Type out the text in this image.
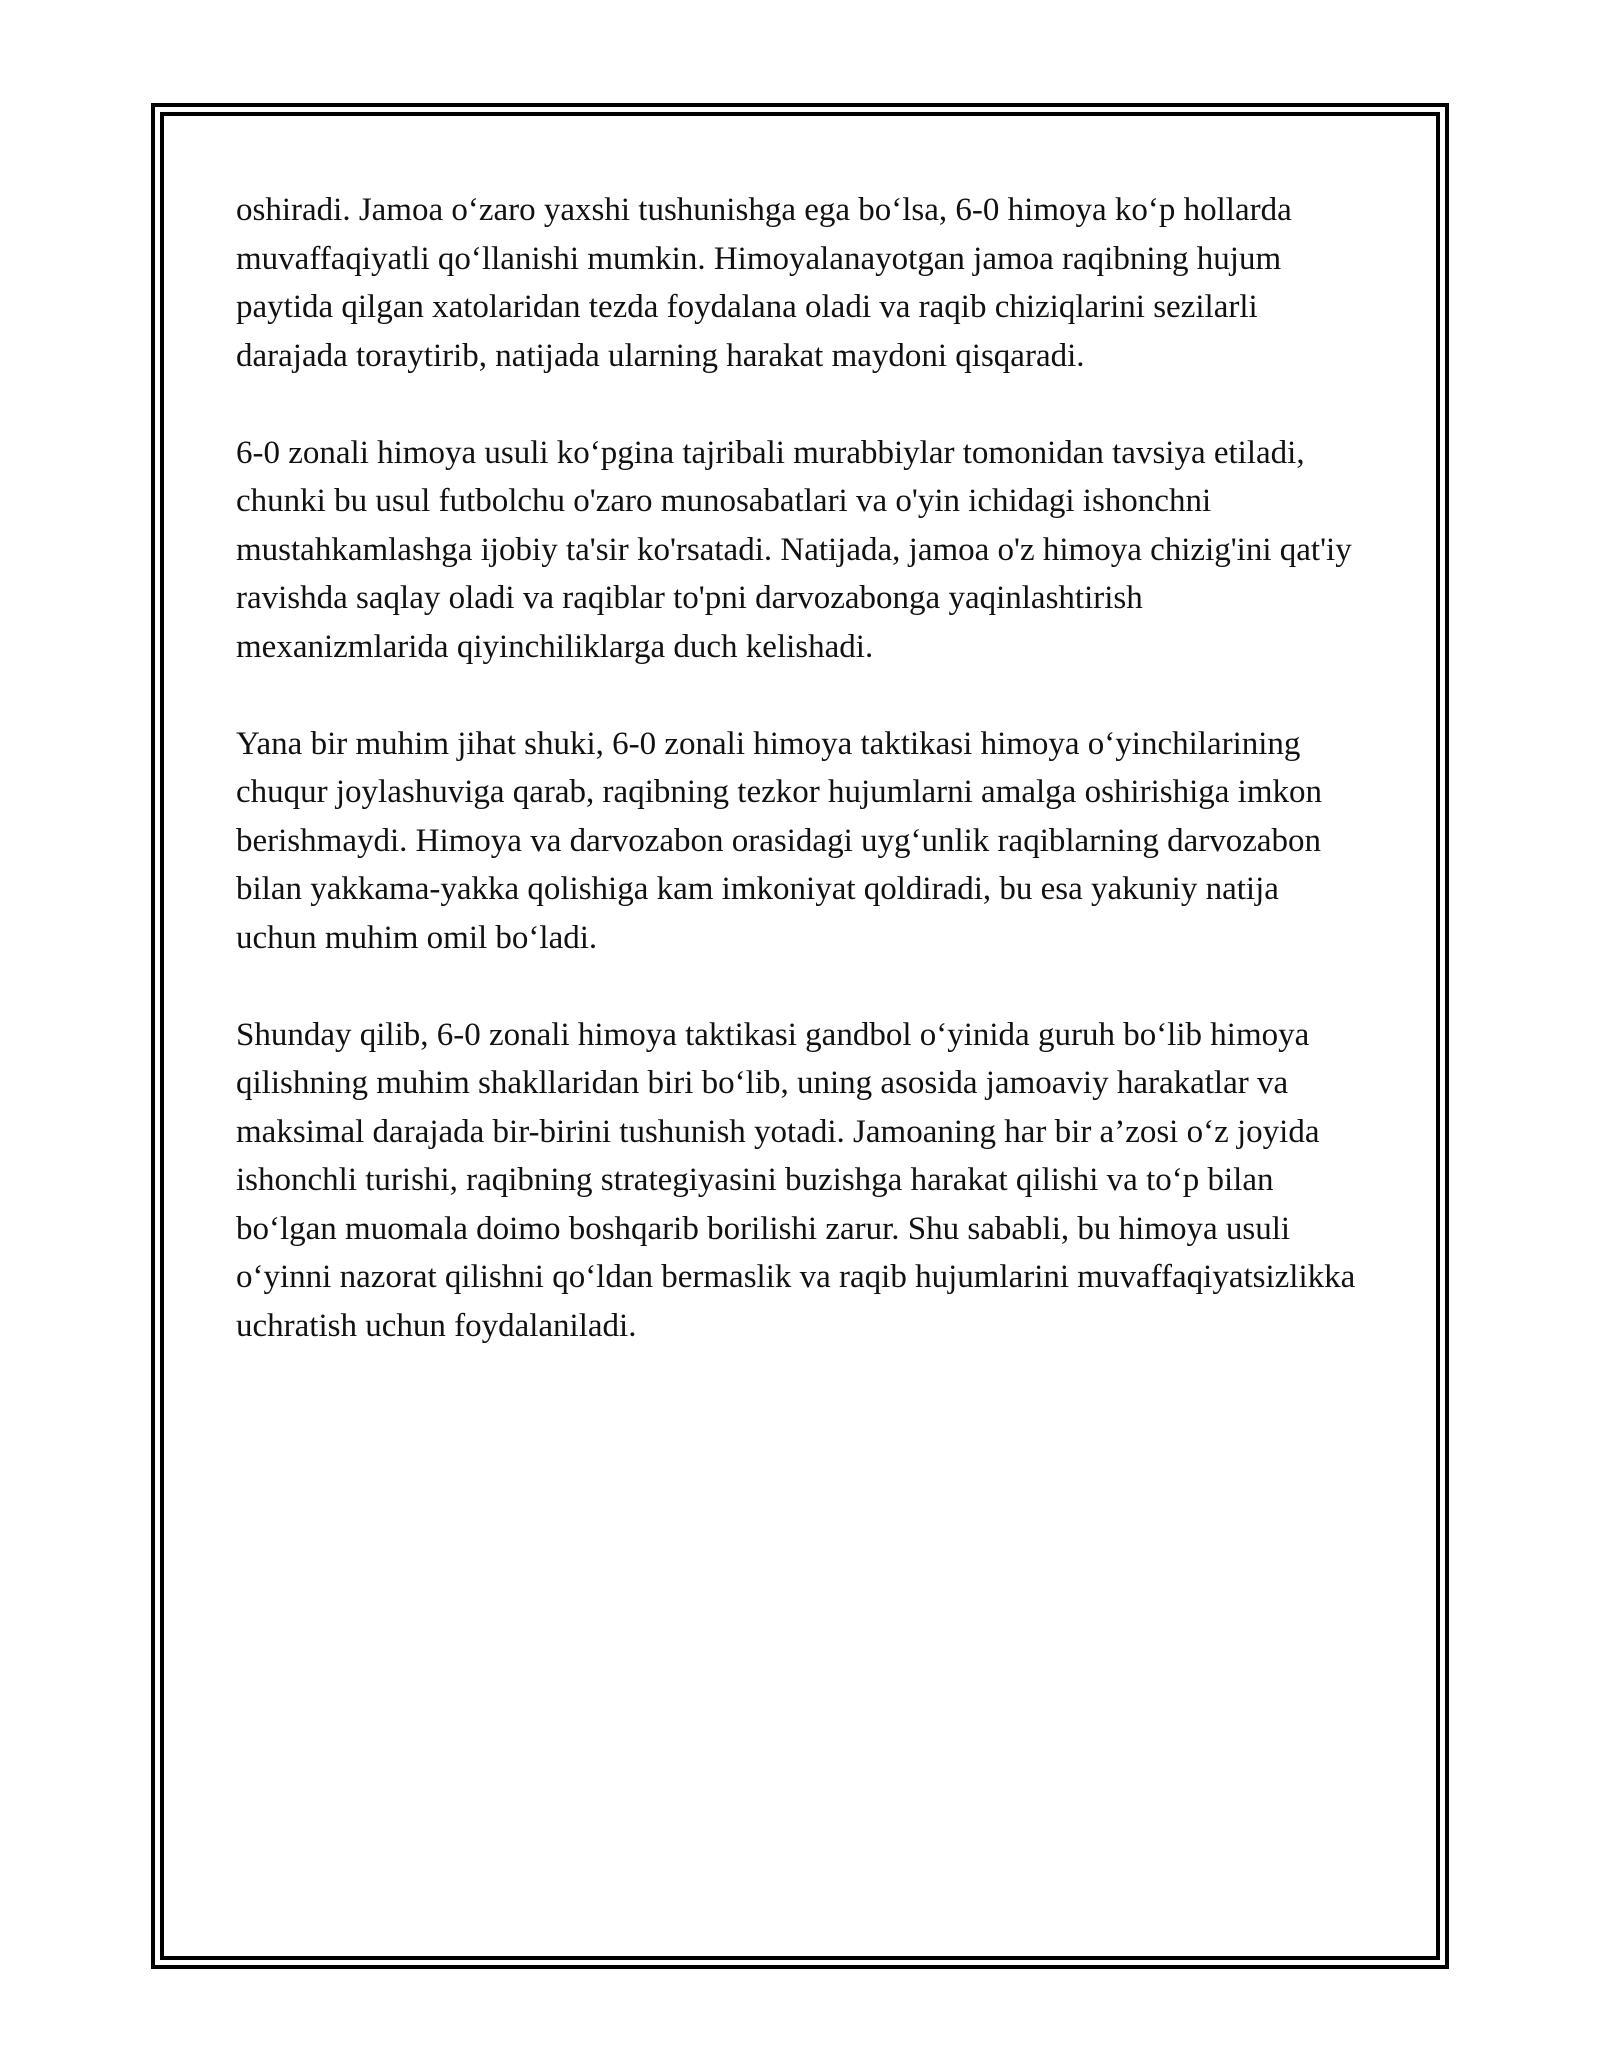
oshiradi. Jamoa o‘zaro yaxshi tushunishga ega bo‘lsa, 6-0 himoya ko‘p hollarda muvaffaqiyatli qo‘llanishi mumkin. Himoyalanayotgan jamoa raqibning hujum paytida qilgan xatolaridan tezda foydalana oladi va raqib chiziqlarini sezilarli darajada toraytirib, natijada ularning harakat maydoni qisqaradi.

6-0 zonali himoya usuli ko‘pgina tajribali murabbiylar tomonidan tavsiya etiladi, chunki bu usul futbolchu o'zaro munosabatlari va o'yin ichidagi ishonchni mustahkamlashga ijobiy ta'sir ko'rsatadi. Natijada, jamoa o'z himoya chizig'ini qat'iy ravishda saqlay oladi va raqiblar to'pni darvozabonga yaqinlashtirish mexanizmlarida qiyinchiliklarga duch kelishadi.

Yana bir muhim jihat shuki, 6-0 zonali himoya taktikasi himoya o‘yinchilarining chuqur joylashuviga qarab, raqibning tezkor hujumlarni amalga oshirishiga imkon berishmaydi. Himoya va darvozabon orasidagi uyg‘unlik raqiblarning darvozabon bilan yakkama-yakka qolishiga kam imkoniyat qoldiradi, bu esa yakuniy natija uchun muhim omil bo‘ladi.

Shunday qilib, 6-0 zonali himoya taktikasi gandbol o‘yinida guruh bo‘lib himoya qilishning muhim shakllaridan biri bo‘lib, uning asosida jamoaviy harakatlar va maksimal darajada bir-birini tushunish yotadi. Jamoaning har bir a’zosi o‘z joyida ishonchli turishi, raqibning strategiyasini buzishga harakat qilishi va to‘p bilan bo‘lgan muomala doimo boshqarib borilishi zarur. Shu sababli, bu himoya usuli o‘yinni nazorat qilishni qo‘ldan bermaslik va raqib hujumlarini muvaffaqiyatsizlikka uchratish uchun foydalaniladi.
